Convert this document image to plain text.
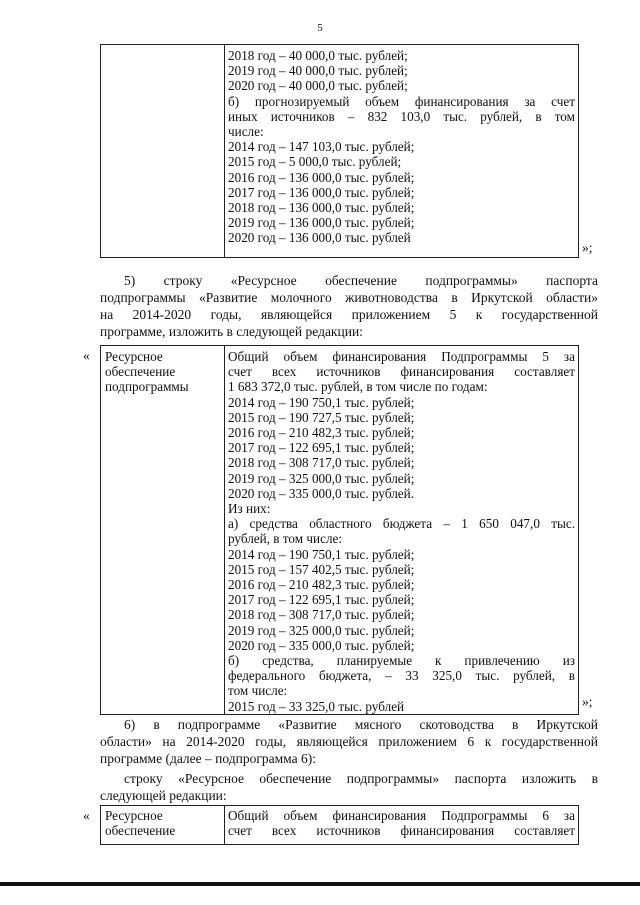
5

2018 год – 40 000,0 тыс. рублей;
2019 год – 40 000,0 тыс. рублей;
2020 год – 40 000,0 тыс. рублей;
б) прогнозируемый объем финансирования за счет
иных источников – 832 103,0 тыс. рублей, в том
числе:
2014 год – 147 103,0 тыс. рублей;
2015 год – 5 000,0 тыс. рублей;
2016 год – 136 000,0 тыс. рублей;
2017 год – 136 000,0 тыс. рублей;
2018 год – 136 000,0 тыс. рублей;
2019 год – 136 000,0 тыс. рублей;
2020 год – 136 000,0 тыс. рублей
»;
5) строку «Ресурсное обеспечение подпрограммы» паспорта
подпрограммы «Развитие молочного животноводства в Иркутской области»
на 2014-2020 годы, являющейся приложением 5 к государственной
программе, изложить в следующей редакции:
« Ресурсное
обеспечение
подпрограммы

Общий объем финансирования Подпрограммы 5 за
счет всех источников финансирования составляет
1 683 372,0 тыс. рублей, в том числе по годам:
2014 год – 190 750,1 тыс. рублей;
2015 год – 190 727,5 тыс. рублей;
2016 год – 210 482,3 тыс. рублей;
2017 год – 122 695,1 тыс. рублей;
2018 год – 308 717,0 тыс. рублей;
2019 год – 325 000,0 тыс. рублей;
2020 год – 335 000,0 тыс. рублей.
Из них:
а) средства областного бюджета – 1 650 047,0 тыс.
рублей, в том числе:
2014 год – 190 750,1 тыс. рублей;
2015 год – 157 402,5 тыс. рублей;
2016 год – 210 482,3 тыс. рублей;
2017 год – 122 695,1 тыс. рублей;
2018 год – 308 717,0 тыс. рублей;
2019 год – 325 000,0 тыс. рублей;
2020 год – 335 000,0 тыс. рублей;
б) средства, планируемые к привлечению из
федерального бюджета, – 33 325,0 тыс. рублей, в
том числе:
2015 год – 33 325,0 тыс. рублей	»;
6) в подпрограмме «Развитие мясного скотоводства в Иркутской
области» на 2014-2020 годы, являющейся приложением 6 к государственной
программе (далее – подпрограмма 6):
строку «Ресурсное обеспечение подпрограммы» паспорта изложить в
следующей редакции:
« Ресурсное
обеспечение

Общий объем финансирования Подпрограммы 6 за
счет всех источников финансирования составляет
